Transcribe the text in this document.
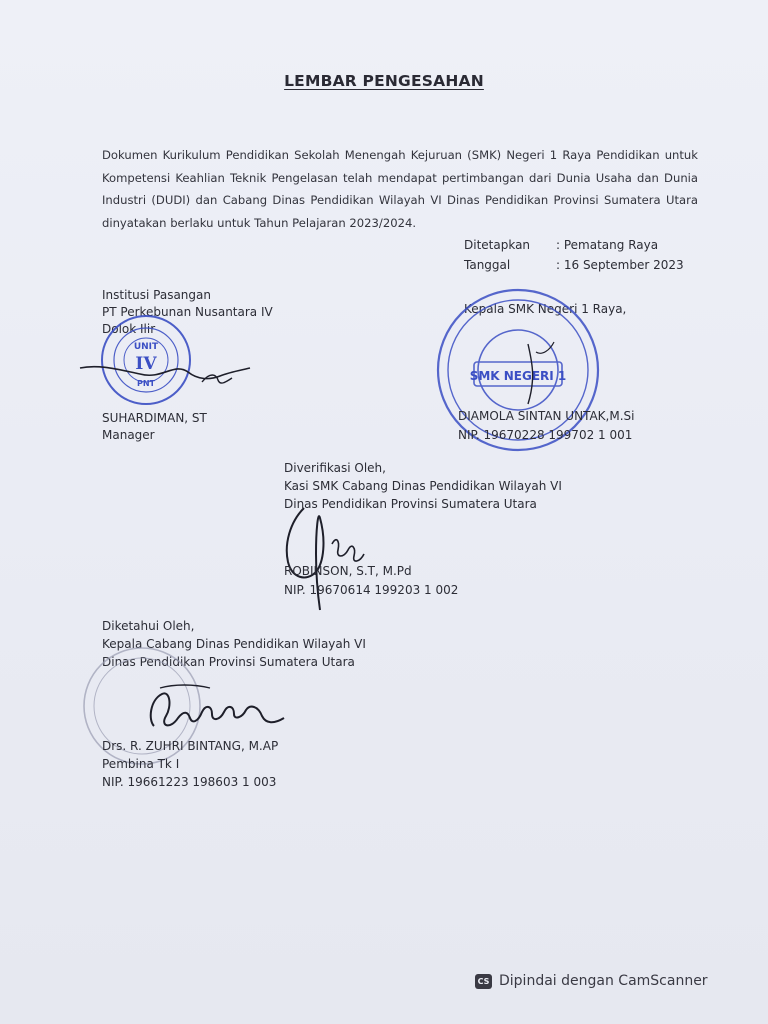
LEMBAR PENGESAHAN
Dokumen Kurikulum Pendidikan Sekolah Menengah Kejuruan (SMK) Negeri 1 Raya Pendidikan untuk Kompetensi Keahlian Teknik Pengelasan telah mendapat pertimbangan dari Dunia Usaha dan Dunia Industri (DUDI) dan Cabang Dinas Pendidikan Wilayah VI Dinas Pendidikan Provinsi Sumatera Utara dinyatakan berlaku untuk Tahun Pelajaran 2023/2024.
Ditetapkan : Pematang Raya
Tanggal	: 16 September 2023
Institusi Pasangan
PT Perkebunan Nusantara IV
Dolok Ilir
UNIT
IV
PNT
SUHARDIMAN, ST
Manager
Kepala SMK Negeri 1 Raya,
SMK NEGERI 1
DIAMOLA SINTAN UNTAK,M.Si
NIP. 19670228 199702 1 001
Diverifikasi Oleh,
Kasi SMK Cabang Dinas Pendidikan Wilayah VI
Dinas Pendidikan Provinsi Sumatera Utara
ROBINSON, S.T, M.Pd
NIP. 19670614 199203 1 002
Diketahui Oleh,
Kepala Cabang Dinas Pendidikan Wilayah VI
Dinas Pendidikan Provinsi Sumatera Utara
Drs. R. ZUHRI BINTANG, M.AP
Pembina Tk I
NIP. 19661223 198603 1 003
CS Dipindai dengan CamScanner
